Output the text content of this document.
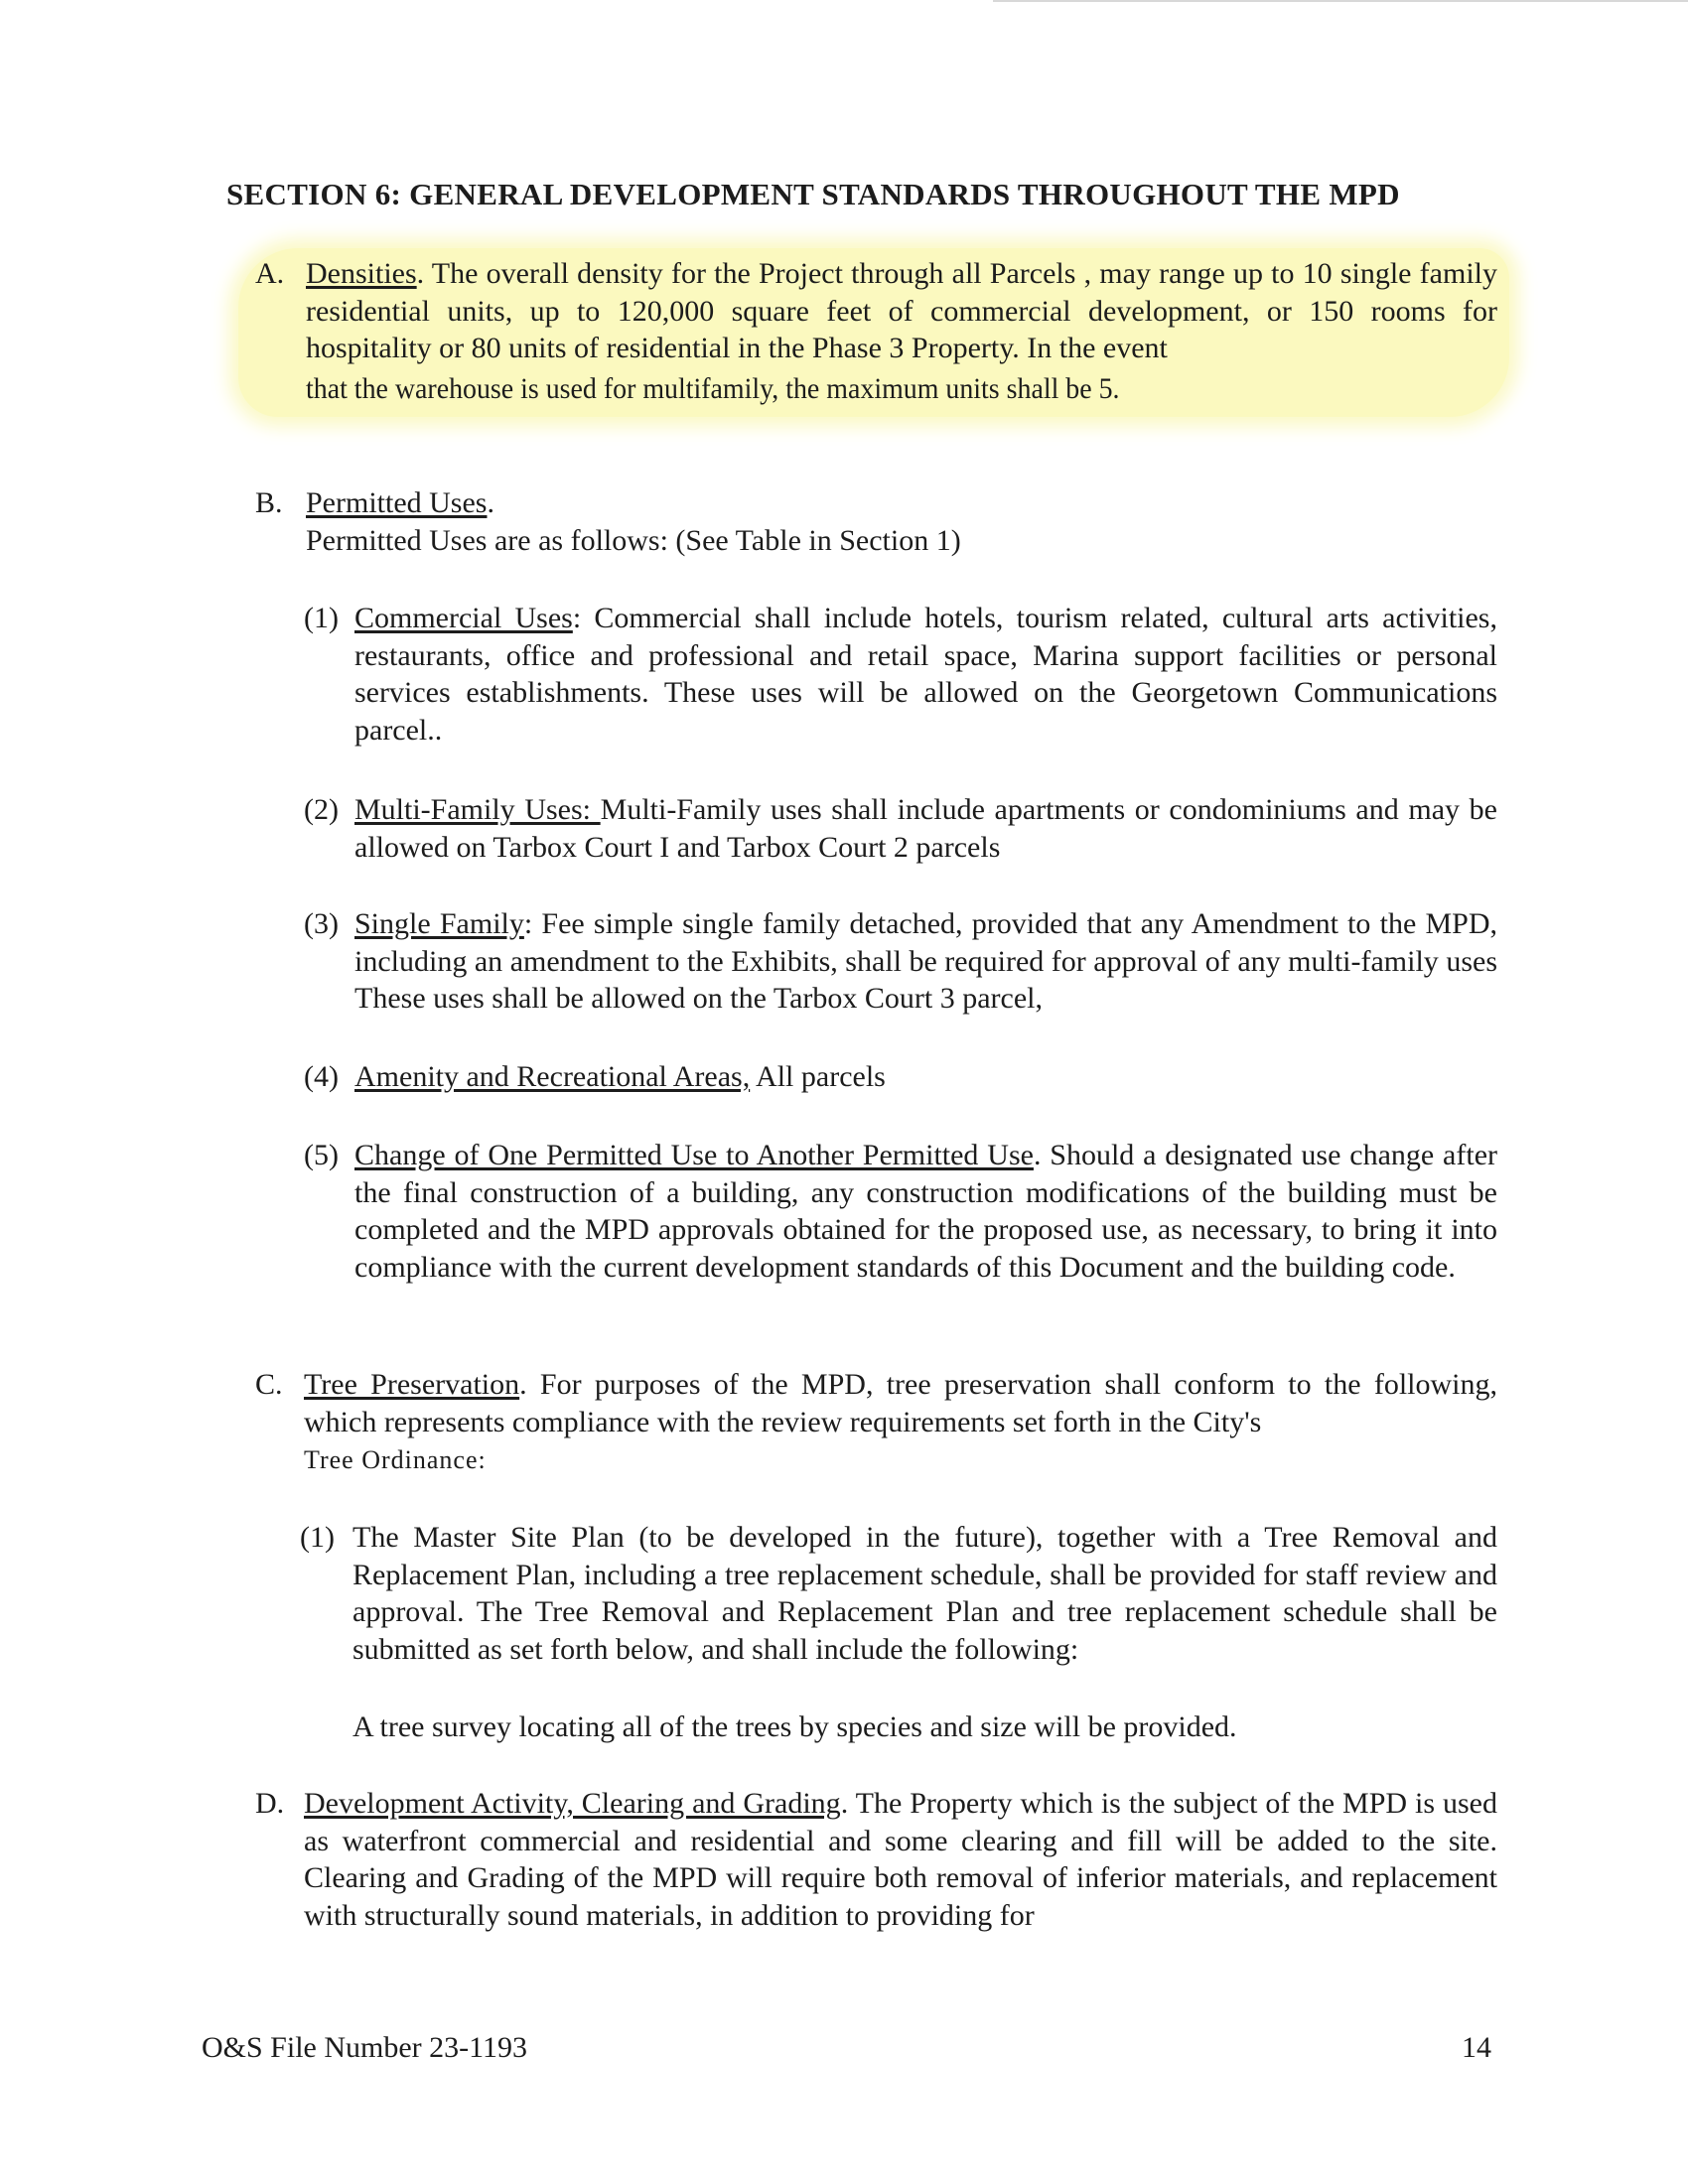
SECTION 6: GENERAL DEVELOPMENT STANDARDS THROUGHOUT THE MPD
A. Densities. The overall density for the Project through all Parcels , may range up to 10 single family residential units, up to 120,000 square feet of commercial development, or 150 rooms for hospitality or 80 units of residential in the Phase 3 Property. In the event
that the warehouse is used for multifamily, the maximum units shall be 5.
B. Permitted Uses.
Permitted Uses are as follows: (See Table in Section 1)
(1) Commercial Uses: Commercial shall include hotels, tourism related, cultural arts activities, restaurants, office and professional and retail space, Marina support facilities or personal services establishments. These uses will be allowed on the Georgetown Communications parcel..
(2) Multi-Family Uses: Multi-Family uses shall include apartments or condominiums and may be allowed on Tarbox Court I and Tarbox Court 2 parcels
(3) Single Family: Fee simple single family detached, provided that any Amendment to the MPD, including an amendment to the Exhibits, shall be required for approval of any multi-family uses These uses shall be allowed on the Tarbox Court 3 parcel,
(4) Amenity and Recreational Areas, All parcels
(5) Change of One Permitted Use to Another Permitted Use. Should a designated use change after the final construction of a building, any construction modifications of the building must be completed and the MPD approvals obtained for the proposed use, as necessary, to bring it into compliance with the current development standards of this Document and the building code.
C. Tree Preservation. For purposes of the MPD, tree preservation shall conform to the following, which represents compliance with the review requirements set forth in the City's
Tree Ordinance:
(1) The Master Site Plan (to be developed in the future), together with a Tree Removal and Replacement Plan, including a tree replacement schedule, shall be provided for staff review and approval. The Tree Removal and Replacement Plan and tree replacement schedule shall be submitted as set forth below, and shall include the following:
A tree survey locating all of the trees by species and size will be provided.
D. Development Activity, Clearing and Grading. The Property which is the subject of the MPD is used as waterfront commercial and residential and some clearing and fill will be added to the site. Clearing and Grading of the MPD will require both removal of inferior materials, and replacement with structurally sound materials, in addition to providing for
O&S File Number 23-1193	14
